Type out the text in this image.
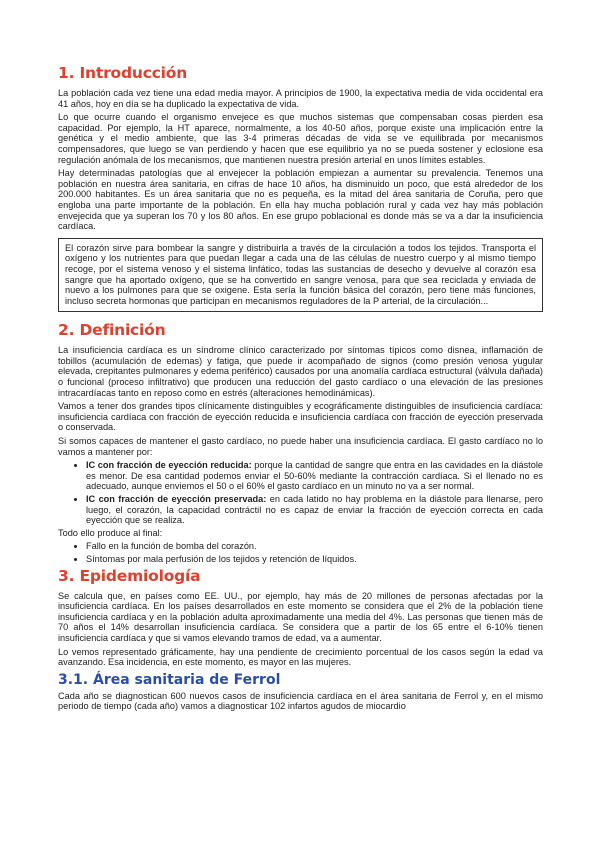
1. Introducción

La población cada vez tiene una edad media mayor. A principios de 1900, la expectativa media de vida occidental era 41 años, hoy en día se ha duplicado la expectativa de vida.

Lo que ocurre cuando el organismo envejece es que muchos sistemas que compensaban cosas pierden esa capacidad. Por ejemplo, la HT aparece, normalmente, a los 40-50 años, porque existe una implicación entre la genética y el medio ambiente, que las 3-4 primeras décadas de vida se ve equilibrada por mecanismos compensadores, que luego se van perdiendo y hacen que ese equilibrio ya no se pueda sostener y eclosione esa regulación anómala de los mecanismos, que mantienen nuestra presión arterial en unos límites estables.

Hay determinadas patologías que al envejecer la población empiezan a aumentar su prevalencia. Tenemos una población en nuestra área sanitaria, en cifras de hace 10 años, ha disminuido un poco, que está alrededor de los 200.000 habitantes. Es un área sanitaria que no es pequeña, es la mitad del área sanitaria de Coruña, pero que engloba una parte importante de la población. En ella hay mucha población rural y cada vez hay más población envejecida que ya superan los 70 y los 80 años. En ese grupo poblacional es donde más se va a dar la insuficiencia cardíaca.

El corazón sirve para bombear la sangre y distribuirla a través de la circulación a todos los tejidos. Transporta el oxígeno y los nutrientes para que puedan llegar a cada una de las células de nuestro cuerpo y al mismo tiempo recoge, por el sistema venoso y el sistema linfático, todas las sustancias de desecho y devuelve al corazón esa sangre que ha aportado oxígeno, que se ha convertido en sangre venosa, para que sea reciclada y enviada de nuevo a los pulmones para que se oxigene. Esta sería la función básica del corazón, pero tiene más funciones, incluso secreta hormonas que participan en mecanismos reguladores de la P arterial, de la circulación...

2. Definición

La insuficiencia cardíaca es un síndrome clínico caracterizado por síntomas típicos como disnea, inflamación de tobillos (acumulación de edemas) y fatiga, que puede ir acompañado de signos (como presión venosa yugular elevada, crepitantes pulmonares y edema periférico) causados por una anomalía cardíaca estructural (válvula dañada) o funcional (proceso infiltrativo) que producen una reducción del gasto cardíaco o una elevación de las presiones intracardíacas tanto en reposo como en estrés (alteraciones hemodinámicas).

Vamos a tener dos grandes tipos clínicamente distinguibles y ecográficamente distinguibles de insuficiencia cardíaca: insuficiencia cardíaca con fracción de eyección reducida e insuficiencia cardíaca con fracción de eyección preservada o conservada.

Si somos capaces de mantener el gasto cardíaco, no puede haber una insuficiencia cardíaca. El gasto cardíaco no lo vamos a mantener por:

• IC con fracción de eyección reducida: porque la cantidad de sangre que entra en las cavidades en la diástole es menor. De esa cantidad podemos enviar el 50-60% mediante la contracción cardíaca. Si el llenado no es adecuado, aunque enviemos el 50 o el 60% el gasto cardíaco en un minuto no va a ser normal.
• IC con fracción de eyección preservada: en cada latido no hay problema en la diástole para llenarse, pero luego, el corazón, la capacidad contráctil no es capaz de enviar la fracción de eyección correcta en cada eyección que se realiza.

Todo ello produce al final:

• Fallo en la función de bomba del corazón.
• Síntomas por mala perfusión de los tejidos y retención de líquidos.
3. Epidemiología

Se calcula que, en países como EE. UU., por ejemplo, hay más de 20 millones de personas afectadas por la insuficiencia cardíaca. En los países desarrollados en este momento se considera que el 2% de la población tiene insuficiencia cardíaca y en la población adulta aproximadamente una media del 4%. Las personas que tienen más de 70 años el 14% desarrollan insuficiencia cardíaca. Se considera que a partir de los 65 entre el 6-10% tienen insuficiencia cardíaca y que si vamos elevando tramos de edad, va a aumentar.

Lo vemos representado gráficamente, hay una pendiente de crecimiento porcentual de los casos según la edad va avanzando. Esa incidencia, en este momento, es mayor en las mujeres.

3.1. Área sanitaria de Ferrol

Cada año se diagnostican 600 nuevos casos de insuficiencia cardíaca en el área sanitaria de Ferrol y, en el mismo periodo de tiempo (cada año) vamos a diagnosticar 102 infartos agudos de miocardio
